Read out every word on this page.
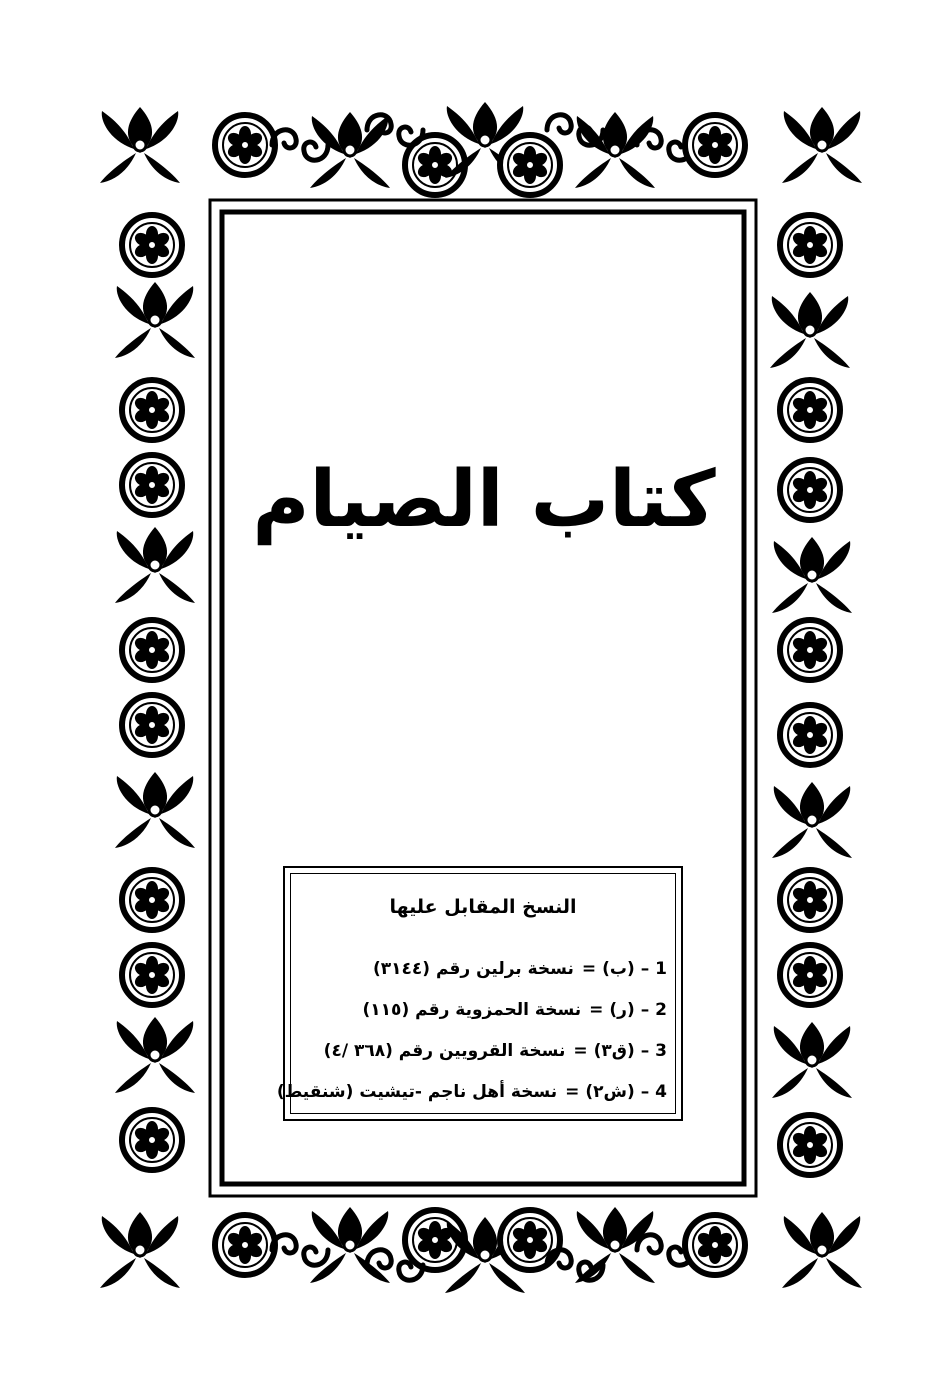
كتاب الصيام
النسخ المقابل عليها
1 –
(ب)
=
نسخة برلين رقم (٣١٤٤)
2 –
(ر)
=
نسخة الحمزوية رقم (١١٥)
3 –
(ق٣)
=
نسخة القرويين رقم (٣٦٨ /٤)
4 –
(ش٢)
=
نسخة أهل ناجم -تيشيت (شنقيط)
